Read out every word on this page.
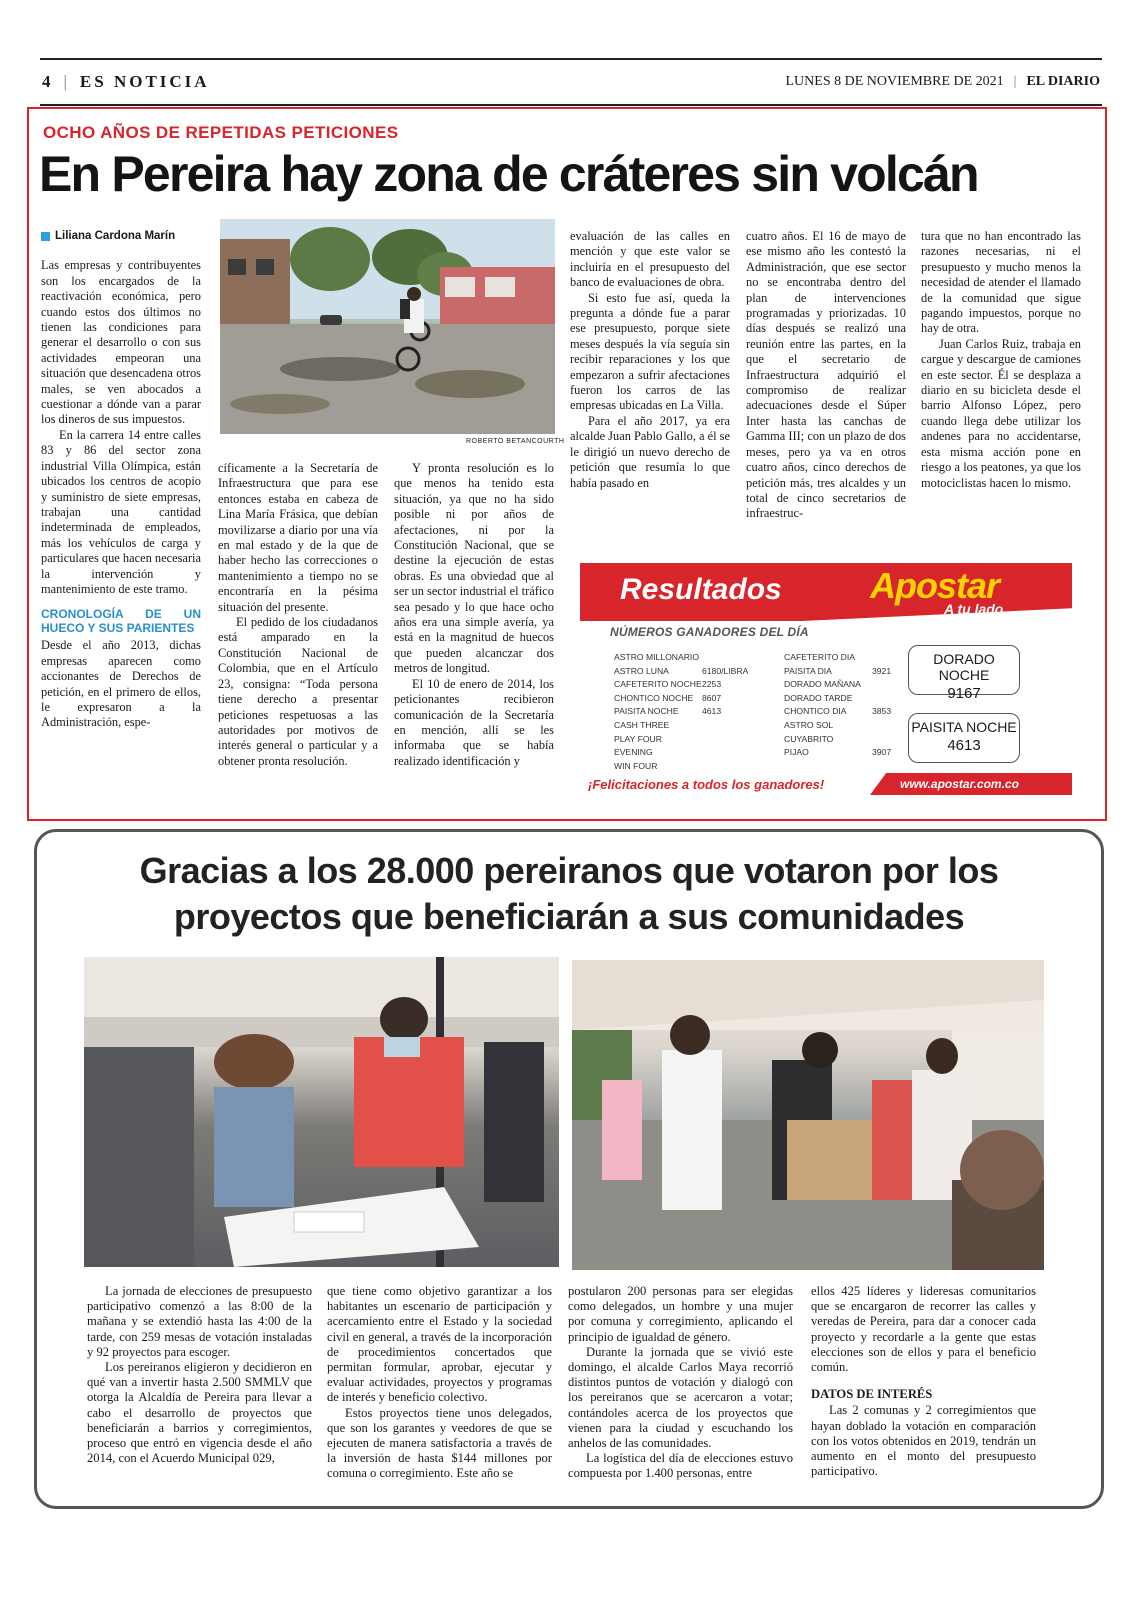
4 | ES NOTICIA	LUNES 8 DE NOVIEMBRE DE 2021 | EL DIARIO
OCHO AÑOS DE REPETIDAS PETICIONES
En Pereira hay zona de cráteres sin volcán
Liliana Cardona Marín

Las empresas y contribuyentes son los encargados de la reactivación económica, pero cuando estos dos últimos no tienen las condiciones para generar el desarrollo o con sus actividades empeoran una situación que desencadena otros males, se ven abocados a cuestionar a dónde van a parar los dineros de sus impuestos.

En la carrera 14 entre calles 83 y 86 del sector zona industrial Villa Olímpica, están ubicados los centros de acopio y suministro de siete empresas, trabajan una cantidad indeterminada de empleados, más los vehículos de carga y particulares que hacen necesaria la intervención y mantenimiento de este tramo.

CRONOLOGÍA DE UN HUECO Y SUS PARIENTES

Desde el año 2013, dichas empresas aparecen como accionantes de Derechos de petición, en el primero de ellos, le expresaron a la Administración, espe-

ROBERTO BETANCOURTH

cíficamente a la Secretaría de Infraestructura que para ese entonces estaba en cabeza de Lina María Frásica, que debían movilizarse a diario por una vía en mal estado y de la que de haber hecho las correcciones o mantenimiento a tiempo no se encontraría en la pésima situación del presente.

El pedido de los ciudadanos está amparado en la Constitución Nacional de Colombia, que en el Artículo 23, consigna: “Toda persona tiene derecho a presentar peticiones respetuosas a las autoridades por motivos de interés general o particular y a obtener pronta resolución.

Y pronta resolución es lo que menos ha tenido esta situación, ya que no ha sido posible ni por años de afectaciones, ni por la Constitución Nacional, que se destine la ejecución de estas obras. Es una obviedad que al ser un sector industrial el tráfico sea pesado y lo que hace ocho años era una simple avería, ya está en la magnitud de huecos que pueden alcanczar dos metros de longitud.

El 10 de enero de 2014, los peticionantes recibieron comunicación de la Secretaría en mención, allí se les informaba que se había realizado identificación y

evaluación de las calles en mención y que este valor se incluiría en el presupuesto del banco de evaluaciones de obra.

Si esto fue así, queda la pregunta a dónde fue a parar ese presupuesto, porque siete meses después la vía seguía sin recibir reparaciones y los que empezaron a sufrir afectaciones fueron los carros de las empresas ubicadas en La Villa.

Para el año 2017, ya era alcalde Juan Pablo Gallo, a él se le dirigió un nuevo derecho de petición que resumía lo que había pasado en

cuatro años. El 16 de mayo de ese mismo año les contestó la Administración, que ese sector no se encontraba dentro del plan de intervenciones programadas y priorizadas. 10 días después se realizó una reunión entre las partes, en la que el secretario de Infraestructura adquirió el compromiso de realizar adecuaciones desde el Súper Inter hasta las canchas de Gamma III; con un plazo de dos meses, pero ya va en otros cuatro años, cinco derechos de petición más, tres alcaldes y un total de cinco secretarios de infraestruc-

tura que no han encontrado las razones necesarias, ni el presupuesto y mucho menos la necesidad de atender el llamado de la comunidad que sigue pagando impuestos, porque no hay de otra.

Juan Carlos Ruiz, trabaja en cargue y descargue de camiones en este sector. Él se desplaza a diario en su bicicleta desde el barrio Alfonso López, pero cuando llega debe utilizar los andenes para no accidentarse, esta misma acción pone en riesgo a los peatones, ya que los motociclistas hacen lo mismo.

Resultados Apostar
A tu lado
NÚMEROS GANADORES DEL DÍA
ASTRO MILLONARIO
ASTRO LUNA	6180/LIBRA
CAFETERITO NOCHE 2253
CHONTICO NOCHE	8607
PAISITA NOCHE	4613
CASH THREE
PLAY FOUR
EVENING
WIN FOUR
CAFETERITO DIA
PAISITA DIA	3921
DORADO MAÑANA
DORADO TARDE
CHONTICO DIA	3853
ASTRO SOL
CUYABRITO
PIJAO	3907
DORADO NOCHE
9167
PAISITA NOCHE
4613
¡Felicitaciones a todos los ganadores!	www.apostar.com.co
Gracias a los 28.000 pereiranos que votaron por los
proyectos que beneficiarán a sus comunidades

La jornada de elecciones de presupuesto participativo comenzó a las 8:00 de la mañana y se extendió hasta las 4:00 de la tarde, con 259 mesas de votación instaladas y 92 proyectos para escoger.

Los pereiranos eligieron y decidieron en qué van a invertir hasta 2.500 SMMLV que otorga la Alcaldía de Pereira para llevar a cabo el desarrollo de proyectos que beneficiarán a barrios y corregimientos, proceso que entró en vigencia desde el año 2014, con el Acuerdo Municipal 029,

que tiene como objetivo garantizar a los habitantes un escenario de participación y acercamiento entre el Estado y la sociedad civil en general, a través de la incorporación de procedimientos concertados que permitan formular, aprobar, ejecutar y evaluar actividades, proyectos y programas de interés y beneficio colectivo.

Estos proyectos tiene unos delegados, que son los garantes y veedores de que se ejecuten de manera satisfactoria a través de la inversión de hasta $144 millones por comuna o corregimiento. Este año se

postularon 200 personas para ser elegidas como delegados, un hombre y una mujer por comuna y corregimiento, aplicando el principio de igualdad de género.

Durante la jornada que se vivió este domingo, el alcalde Carlos Maya recorrió distintos puntos de votación y dialogó con los pereiranos que se acercaron a votar; contándoles acerca de los proyectos que vienen para la ciudad y escuchando los anhelos de las comunidades.

La logística del día de elecciones estuvo compuesta por 1.400 personas, entre

ellos 425 líderes y lideresas comunitarios que se encargaron de recorrer las calles y veredas de Pereira, para dar a conocer cada proyecto y recordarle a la gente que estas elecciones son de ellos y para el beneficio común.

DATOS DE INTERÉS

Las 2 comunas y 2 corregimientos que hayan doblado la votación en comparación con los votos obtenidos en 2019, tendrán un aumento en el monto del presupuesto participativo.
